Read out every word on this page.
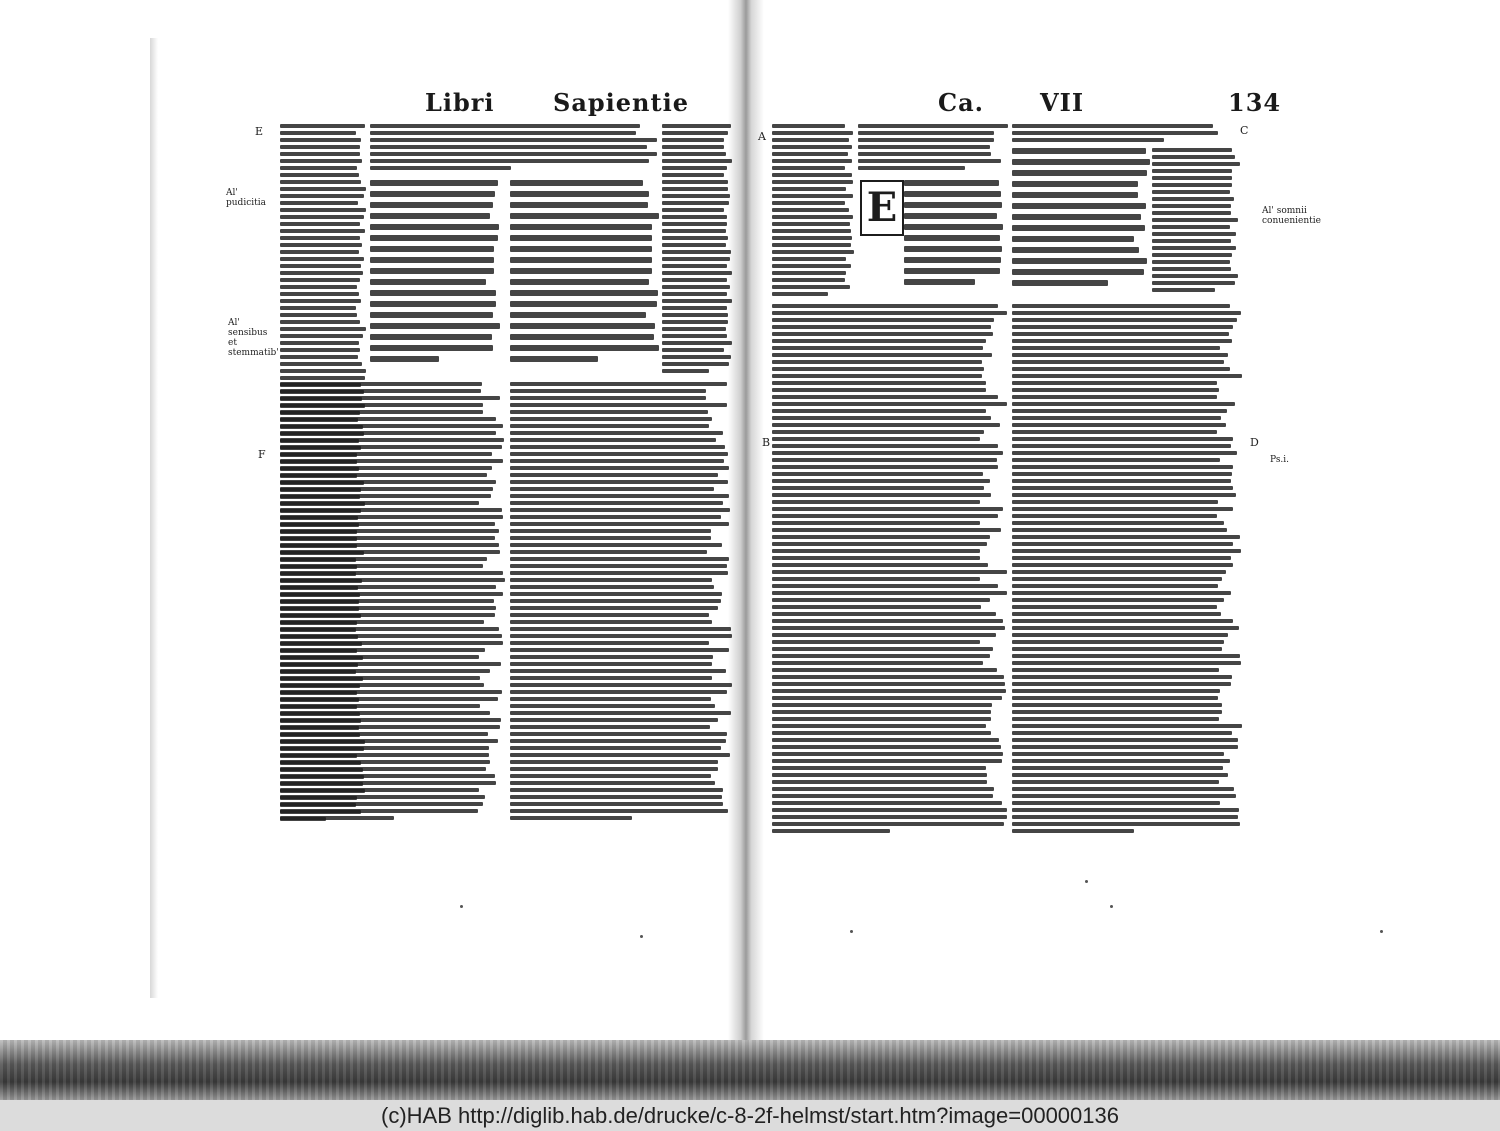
Libri Sapientie	Ca. VII	134
E
F
A
B
C
D
Al' pudicitia
Al' sensibus et stemmatib'
Al' somnii conuenientie
Ps.i.
E
(c)HAB http://diglib.hab.de/drucke/c-8-2f-helmst/start.htm?image=00000136
